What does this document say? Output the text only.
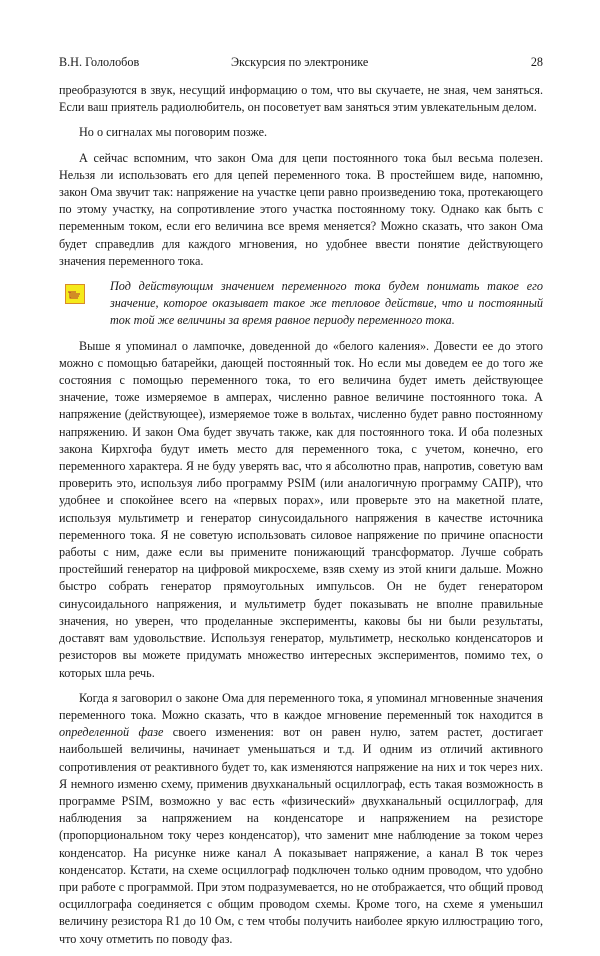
В.Н. Гололобов	Экскурсия по электронике	28

преобразуются в звук, несущий информацию о том, что вы скучаете, не зная, чем заняться. Если ваш приятель радиолюбитель, он посоветует вам заняться этим увлекательным делом.

Но о сигналах мы поговорим позже.

А сейчас вспомним, что закон Ома для цепи постоянного тока был весьма полезен. Нельзя ли использовать его для цепей переменного тока. В простейшем виде, напомню, закон Ома звучит так: напряжение на участке цепи равно произведению тока, протекающего по этому участку, на сопротивление этого участка постоянному току. Однако как быть с переменным током, если его величина все время меняется? Можно сказать, что закон Ома будет справедлив для каждого мгновения, но удобнее ввести понятие действующего значения переменного тока.

Под действующим значением переменного тока будем понимать такое его значение, которое оказывает такое же тепловое действие, что и постоянный ток той же величины за время равное периоду переменного тока.

Выше я упоминал о лампочке, доведенной до «белого каления». Довести ее до этого можно с помощью батарейки, дающей постоянный ток. Но если мы доведем ее до того же состояния с помощью переменного тока, то его величина будет иметь действующее значение, тоже измеряемое в амперах, численно равное величине постоянного тока. А напряжение (действующее), измеряемое тоже в вольтах, численно будет равно постоянному напряжению. И закон Ома будет звучать также, как для постоянного тока. И оба полезных закона Кирхгофа будут иметь место для переменного тока, с учетом, конечно, его переменного характера. Я не буду уверять вас, что я абсолютно прав, напротив, советую вам проверить это, используя либо программу PSIM (или аналогичную программу САПР), что удобнее и спокойнее всего на «первых порах», или проверьте это на макетной плате, используя мультиметр и генератор синусоидального напряжения в качестве источника переменного тока. Я не советую использовать силовое напряжение по причине опасности работы с ним, даже если вы примените понижающий трансформатор. Лучше собрать простейший генератор на цифровой микросхеме, взяв схему из этой книги дальше. Можно быстро собрать генератор прямоугольных импульсов. Он не будет генератором синусоидального напряжения, и мультиметр будет показывать не вполне правильные значения, но уверен, что проделанные эксперименты, каковы бы ни были результаты, доставят вам удовольствие. Используя генератор, мультиметр, несколько конденсаторов и резисторов вы можете придумать множество интересных экспериментов, помимо тех, о которых шла речь.

Когда я заговорил о законе Ома для переменного тока, я упоминал мгновенные значения переменного тока. Можно сказать, что в каждое мгновение переменный ток находится в определенной фазе своего изменения: вот он равен нулю, затем растет, достигает наибольшей величины, начинает уменьшаться и т.д. И одним из отличий активного сопротивления от реактивного будет то, как изменяются напряжение на них и ток через них. Я немного изменю схему, применив двухканальный осциллограф, есть такая возможность в программе PSIM, возможно у вас есть «физический» двухканальный осциллограф, для наблюдения за напряжением на конденсаторе и напряжением на резисторе (пропорциональном току через конденсатор), что заменит мне наблюдение за током через конденсатор. На рисунке ниже канал A показывает напряжение, а канал B ток через конденсатор. Кстати, на схеме осциллограф подключен только одним проводом, что удобно при работе с программой. При этом подразумевается, но не отображается, что общий провод осциллографа соединяется с общим проводом схемы. Кроме того, на схеме я уменьшил величину резистора R1 до 10 Ом, с тем чтобы получить наиболее яркую иллюстрацию того, что хочу отметить по поводу фаз.
